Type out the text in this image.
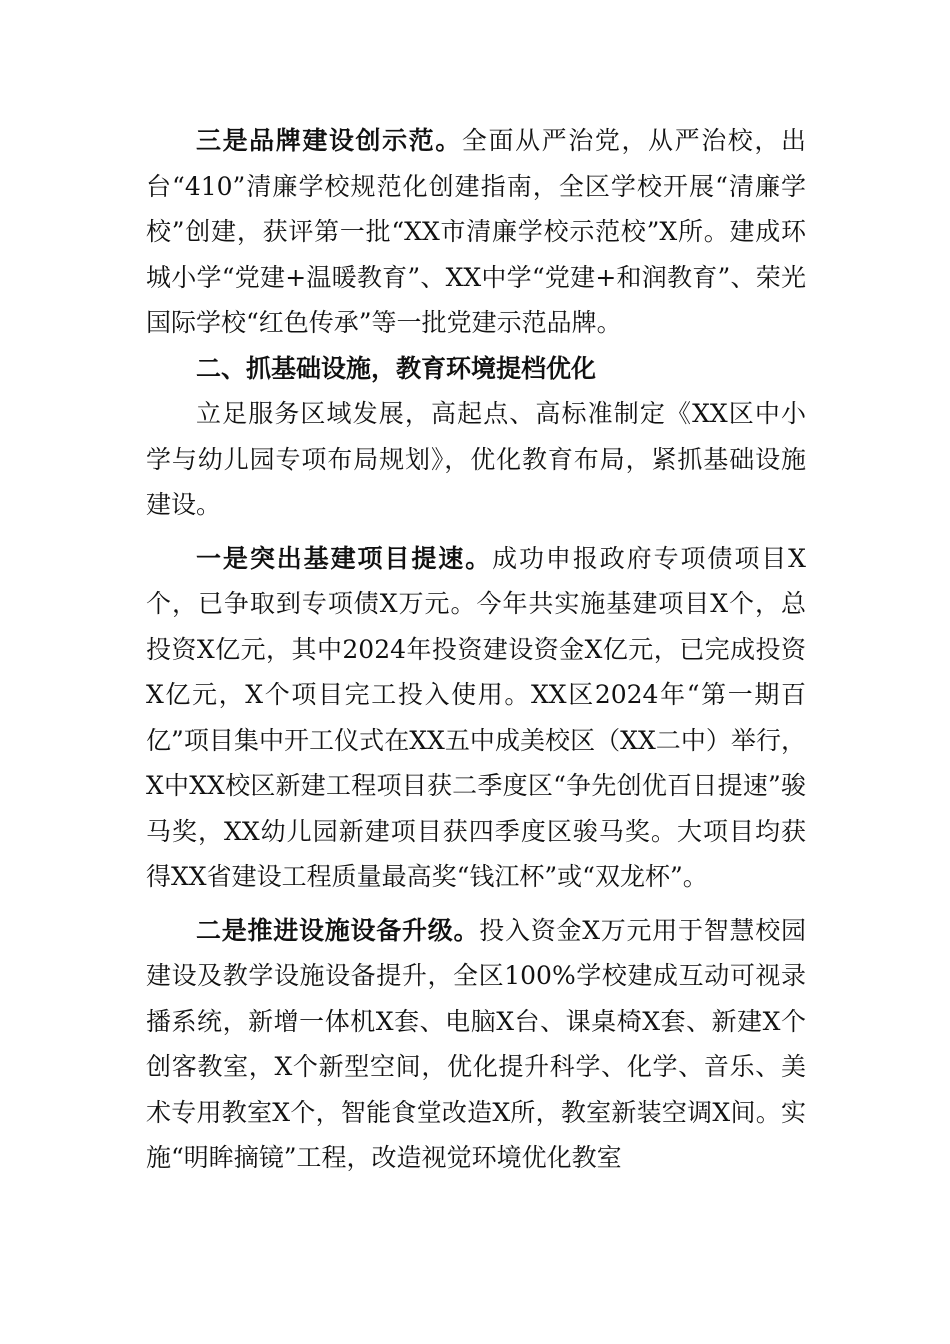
三是品牌建设创示范。全面从严治党，从严治校，出台“410”清廉学校规范化创建指南，全区学校开展“清廉学校”创建，获评第一批“XX市清廉学校示范校”X所。建成环城小学“党建+温暖教育”、XX中学“党建+和润教育”、荣光国际学校“红色传承”等一批党建示范品牌。

二、抓基础设施，教育环境提档优化

立足服务区域发展，高起点、高标准制定《XX区中小学与幼儿园专项布局规划》，优化教育布局，紧抓基础设施建设。

一是突出基建项目提速。成功申报政府专项债项目X个，已争取到专项债X万元。今年共实施基建项目X个，总投资X亿元，其中2024年投资建设资金X亿元，已完成投资X亿元，X个项目完工投入使用。XX区2024年“第一期百亿”项目集中开工仪式在XX五中成美校区（XX二中）举行，X中XX校区新建工程项目获二季度区“争先创优百日提速”骏马奖，XX幼儿园新建项目获四季度区骏马奖。大项目均获得XX省建设工程质量最高奖“钱江杯”或“双龙杯”。

二是推进设施设备升级。投入资金X万元用于智慧校园建设及教学设施设备提升，全区100%学校建成互动可视录播系统，新增一体机X套、电脑X台、课桌椅X套、新建X个创客教室，X个新型空间，优化提升科学、化学、音乐、美术专用教室X个，智能食堂改造X所，教室新装空调X间。实施“明眸摘镜”工程，改造视觉环境优化教室
